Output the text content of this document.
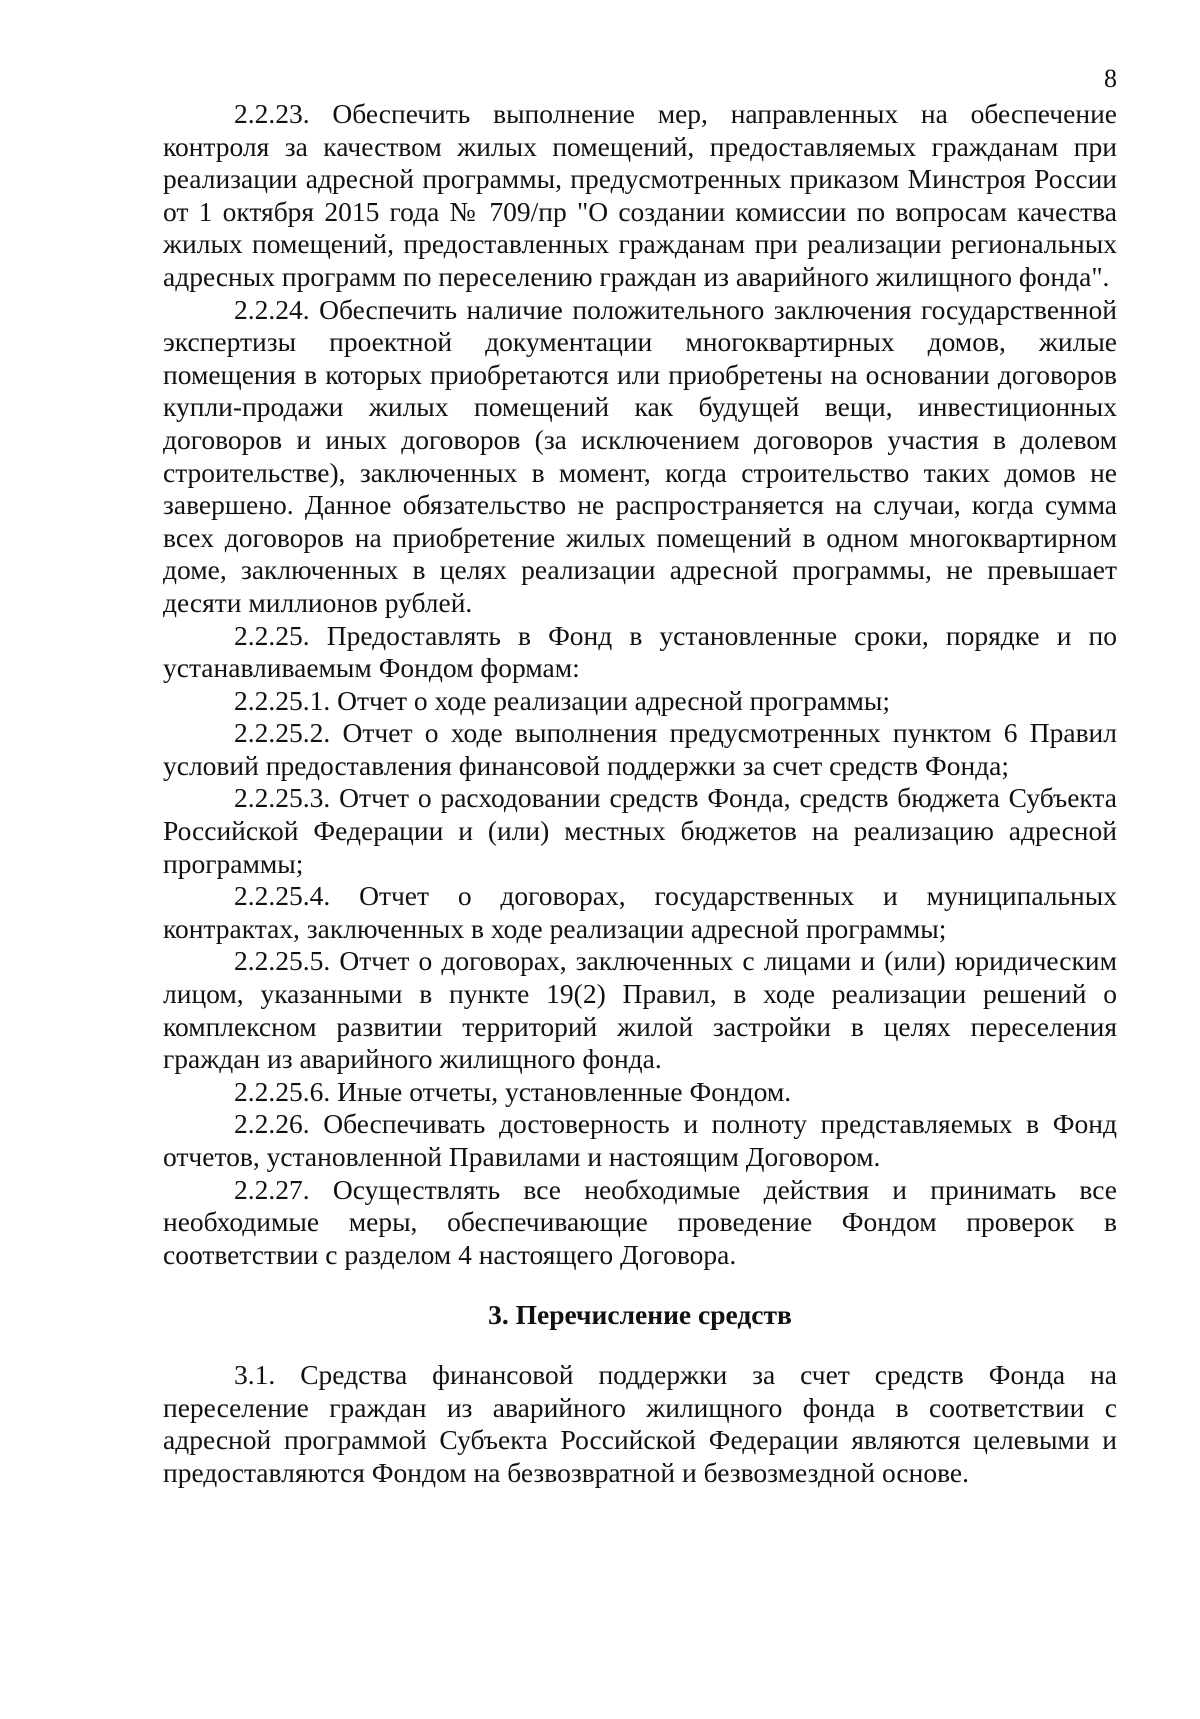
8

2.2.23. Обеспечить выполнение мер, направленных на обеспечение контроля за качеством жилых помещений, предоставляемых гражданам при реализации адресной программы, предусмотренных приказом Минстроя России от 1 октября 2015 года № 709/пр "О создании комиссии по вопросам качества жилых помещений, предоставленных гражданам при реализации региональных адресных программ по переселению граждан из аварийного жилищного фонда".

2.2.24. Обеспечить наличие положительного заключения государственной экспертизы проектной документации многоквартирных домов, жилые помещения в которых приобретаются или приобретены на основании договоров купли-продажи жилых помещений как будущей вещи, инвестиционных договоров и иных договоров (за исключением договоров участия в долевом строительстве), заключенных в момент, когда строительство таких домов не завершено. Данное обязательство не распространяется на случаи, когда сумма всех договоров на приобретение жилых помещений в одном многоквартирном доме, заключенных в целях реализации адресной программы, не превышает десяти миллионов рублей.

2.2.25. Предоставлять в Фонд в установленные сроки, порядке и по устанавливаемым Фондом формам:

2.2.25.1. Отчет о ходе реализации адресной программы;

2.2.25.2. Отчет о ходе выполнения предусмотренных пунктом 6 Правил условий предоставления финансовой поддержки за счет средств Фонда;

2.2.25.3. Отчет о расходовании средств Фонда, средств бюджета Субъекта Российской Федерации и (или) местных бюджетов на реализацию адресной программы;

2.2.25.4. Отчет о договорах, государственных и муниципальных контрактах, заключенных в ходе реализации адресной программы;

2.2.25.5. Отчет о договорах, заключенных с лицами и (или) юридическим лицом, указанными в пункте 19(2) Правил, в ходе реализации решений о комплексном развитии территорий жилой застройки в целях переселения граждан из аварийного жилищного фонда.

2.2.25.6. Иные отчеты, установленные Фондом.

2.2.26. Обеспечивать достоверность и полноту представляемых в Фонд отчетов, установленной Правилами и настоящим Договором.

2.2.27. Осуществлять все необходимые действия и принимать все необходимые меры, обеспечивающие проведение Фондом проверок в соответствии с разделом 4 настоящего Договора.

3. Перечисление средств

3.1. Средства финансовой поддержки за счет средств Фонда на переселение граждан из аварийного жилищного фонда в соответствии с адресной программой Субъекта Российской Федерации являются целевыми и предоставляются Фондом на безвозвратной и безвозмездной основе.
